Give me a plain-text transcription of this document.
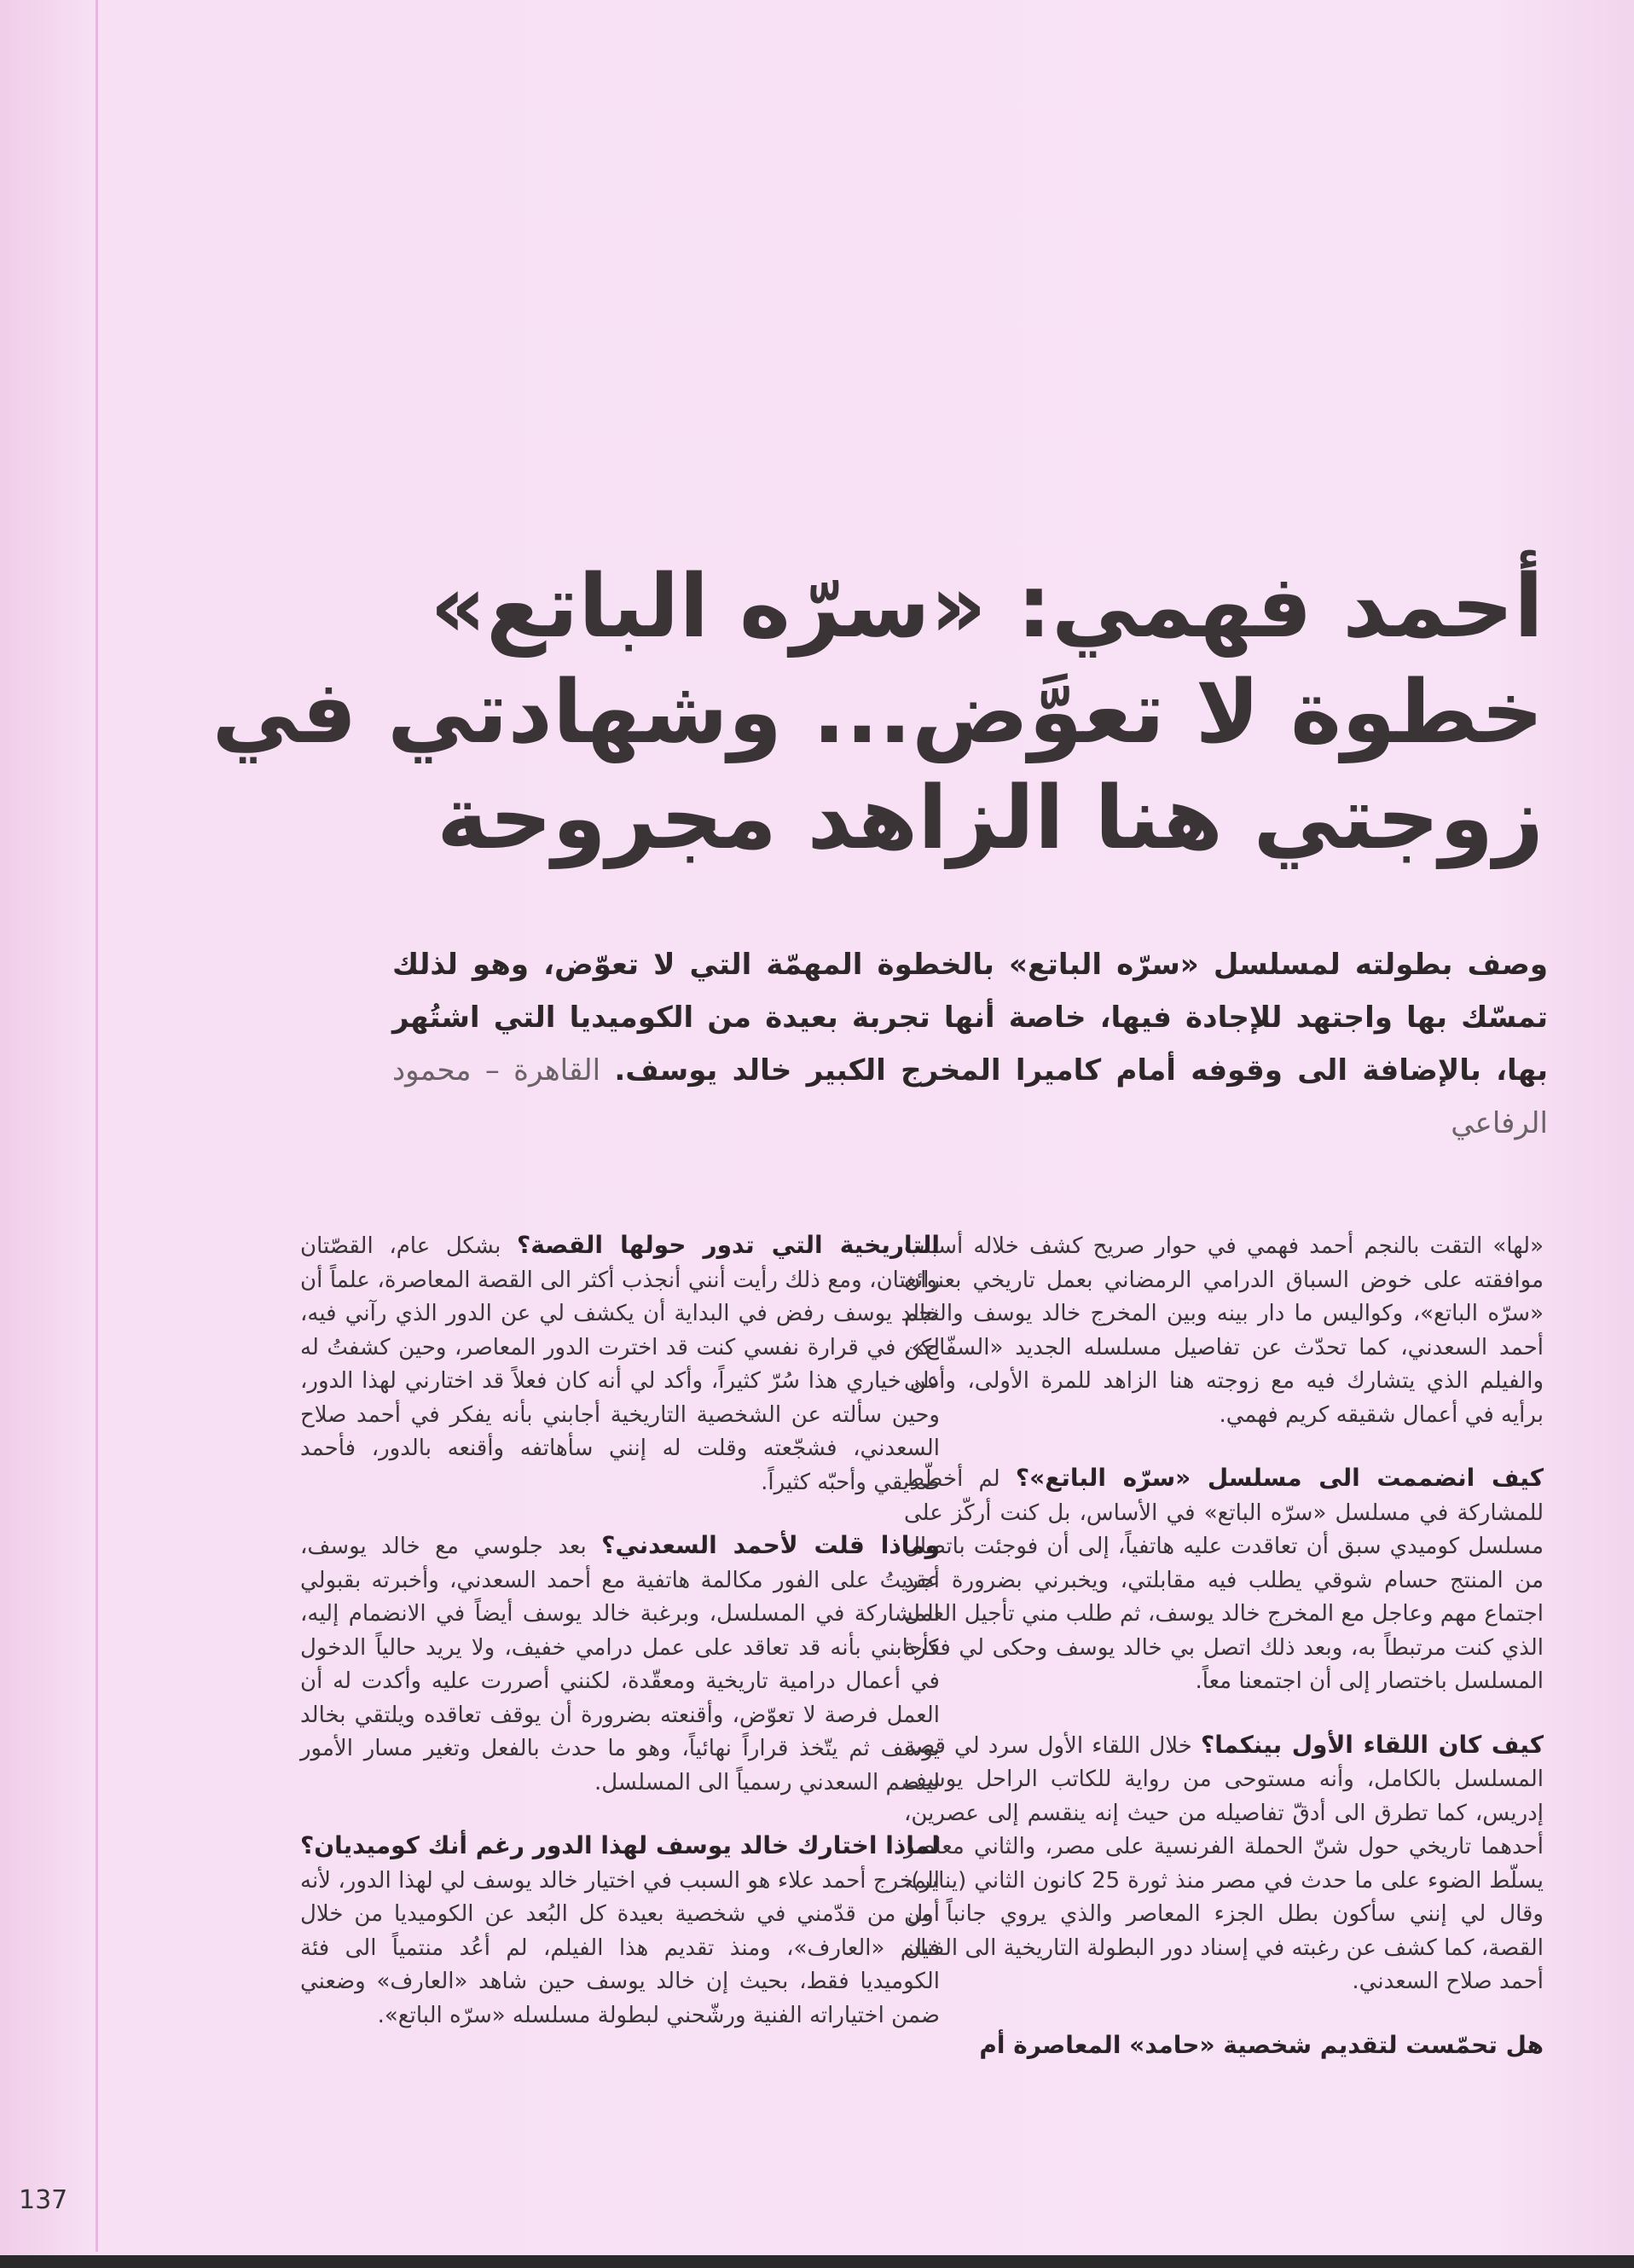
أحمد فهمي: «سرّه الباتع»
خطوة لا تعوَّض... وشهادتي في
زوجتي هنا الزاهد مجروحة
وصف بطولته لمسلسل «سرّه الباتع» بالخطوة المهمّة التي لا تعوّض، وهو لذلك تمسّك بها واجتهد للإجادة فيها، خاصة أنها تجربة بعيدة من الكوميديا التي اشتُهر بها، بالإضافة الى وقوفه أمام كاميرا المخرج الكبير خالد يوسف. القاهرة – محمود الرفاعي

«لها» التقت بالنجم أحمد فهمي في حوار صريح كشف خلاله أسباب موافقته على خوض السباق الدرامي الرمضاني بعمل تاريخي بعنوان «سرّه الباتع»، وكواليس ما دار بينه وبين المخرج خالد يوسف والنجم أحمد السعدني، كما تحدّث عن تفاصيل مسلسله الجديد «السفّاح»، والفيلم الذي يتشارك فيه مع زوجته هنا الزاهد للمرة الأولى، وأدلى برأيه في أعمال شقيقه كريم فهمي.

كيف انضممت الى مسلسل «سرّه الباتع»؟ لم أخطّط للمشاركة في مسلسل «سرّه الباتع» في الأساس، بل كنت أركّز على مسلسل كوميدي سبق أن تعاقدت عليه هاتفياً، إلى أن فوجئت باتصال من المنتج حسام شوقي يطلب فيه مقابلتي، ويخبرني بضرورة عقد اجتماع مهم وعاجل مع المخرج خالد يوسف، ثم طلب مني تأجيل العمل الذي كنت مرتبطاً به، وبعد ذلك اتصل بي خالد يوسف وحكى لي فكرة المسلسل باختصار إلى أن اجتمعنا معاً.

كيف كان اللقاء الأول بينكما؟ خلال اللقاء الأول سرد لي قصة المسلسل بالكامل، وأنه مستوحى من رواية للكاتب الراحل يوسف إدريس، كما تطرق الى أدقّ تفاصيله من حيث إنه ينقسم إلى عصرين، أحدهما تاريخي حول شنّ الحملة الفرنسية على مصر، والثاني معاصر يسلّط الضوء على ما حدث في مصر منذ ثورة 25 كانون الثاني (يناير)، وقال لي إنني سأكون بطل الجزء المعاصر والذي يروي جانباً من القصة، كما كشف عن رغبته في إسناد دور البطولة التاريخية الى الفنان أحمد صلاح السعدني.

هل تحمّست لتقديم شخصية «حامد» المعاصرة أم

التاريخية التي تدور حولها القصة؟ بشكل عام، القصّتان رائعتان، ومع ذلك رأيت أنني أنجذب أكثر الى القصة المعاصرة، علماً أن خالد يوسف رفض في البداية أن يكشف لي عن الدور الذي رآني فيه، لكن في قرارة نفسي كنت قد اخترت الدور المعاصر، وحين كشفتُ له عن خياري هذا سُرّ كثيراً، وأكد لي أنه كان فعلاً قد اختارني لهذا الدور، وحين سألته عن الشخصية التاريخية أجابني بأنه يفكر في أحمد صلاح السعدني، فشجّعته وقلت له إنني سأهاتفه وأقنعه بالدور، فأحمد صديقي وأحبّه كثيراً.

وماذا قلت لأحمد السعدني؟ بعد جلوسي مع خالد يوسف، أجريتُ على الفور مكالمة هاتفية مع أحمد السعدني، وأخبرته بقبولي المشاركة في المسلسل، وبرغبة خالد يوسف أيضاً في الانضمام إليه، فأجابني بأنه قد تعاقد على عمل درامي خفيف، ولا يريد حالياً الدخول في أعمال درامية تاريخية ومعقّدة، لكنني أصررت عليه وأكدت له أن العمل فرصة لا تعوّض، وأقنعته بضرورة أن يوقف تعاقده ويلتقي بخالد يوسف ثم يتّخذ قراراً نهائياً، وهو ما حدث بالفعل وتغير مسار الأمور لينضم السعدني رسمياً الى المسلسل.

لماذا اختارك خالد يوسف لهذا الدور رغم أنك كوميديان؟ المخرج أحمد علاء هو السبب في اختيار خالد يوسف لي لهذا الدور، لأنه أول من قدّمني في شخصية بعيدة كل البُعد عن الكوميديا من خلال فيلم «العارف»، ومنذ تقديم هذا الفيلم، لم أعُد منتمياً الى فئة الكوميديا فقط، بحيث إن خالد يوسف حين شاهد «العارف» وضعني ضمن اختياراته الفنية ورشّحني لبطولة مسلسله «سرّه الباتع».

137
